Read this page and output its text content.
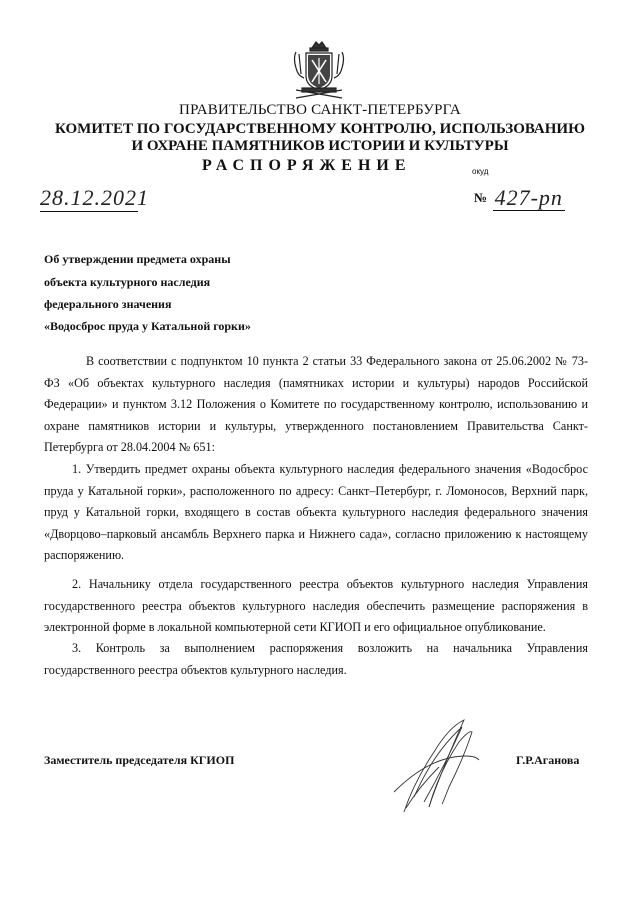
ПРАВИТЕЛЬСТВО САНКТ-ПЕТЕРБУРГА
КОМИТЕТ ПО ГОСУДАРСТВЕННОМУ КОНТРОЛЮ, ИСПОЛЬЗОВАНИЮ
И ОХРАНЕ ПАМЯТНИКОВ ИСТОРИИ И КУЛЬТУРЫ
РАСПОРЯЖЕНИЕ	окуд
28.12.2021	№ 427-рп
Об утверждении предмета охраны
объекта культурного наследия
федерального значения
«Водосброс пруда у Катальной горки»
В соответствии с подпунктом 10 пункта 2 статьи 33 Федерального закона от 25.06.2002 № 73-ФЗ «Об объектах культурного наследия (памятниках истории и культуры) народов Российской Федерации» и пунктом 3.12 Положения о Комитете по государственному контролю, использованию и охране памятников истории и культуры, утвержденного постановлением Правительства Санкт-Петербурга от 28.04.2004 № 651:
1. Утвердить предмет охраны объекта культурного наследия федерального значения «Водосброс пруда у Катальной горки», расположенного по адресу: Санкт–Петербург, г. Ломоносов, Верхний парк, пруд у Катальной горки, входящего в состав объекта культурного наследия федерального значения «Дворцово–парковый ансамбль Верхнего парка и Нижнего сада», согласно приложению к настоящему распоряжению.
2. Начальнику отдела государственного реестра объектов культурного наследия Управления государственного реестра объектов культурного наследия обеспечить размещение распоряжения в электронной форме в локальной компьютерной сети КГИОП и его официальное опубликование.
3. Контроль за выполнением распоряжения возложить на начальника Управления государственного реестра объектов культурного наследия.
Заместитель председателя КГИОП	Г.Р.Аганова
